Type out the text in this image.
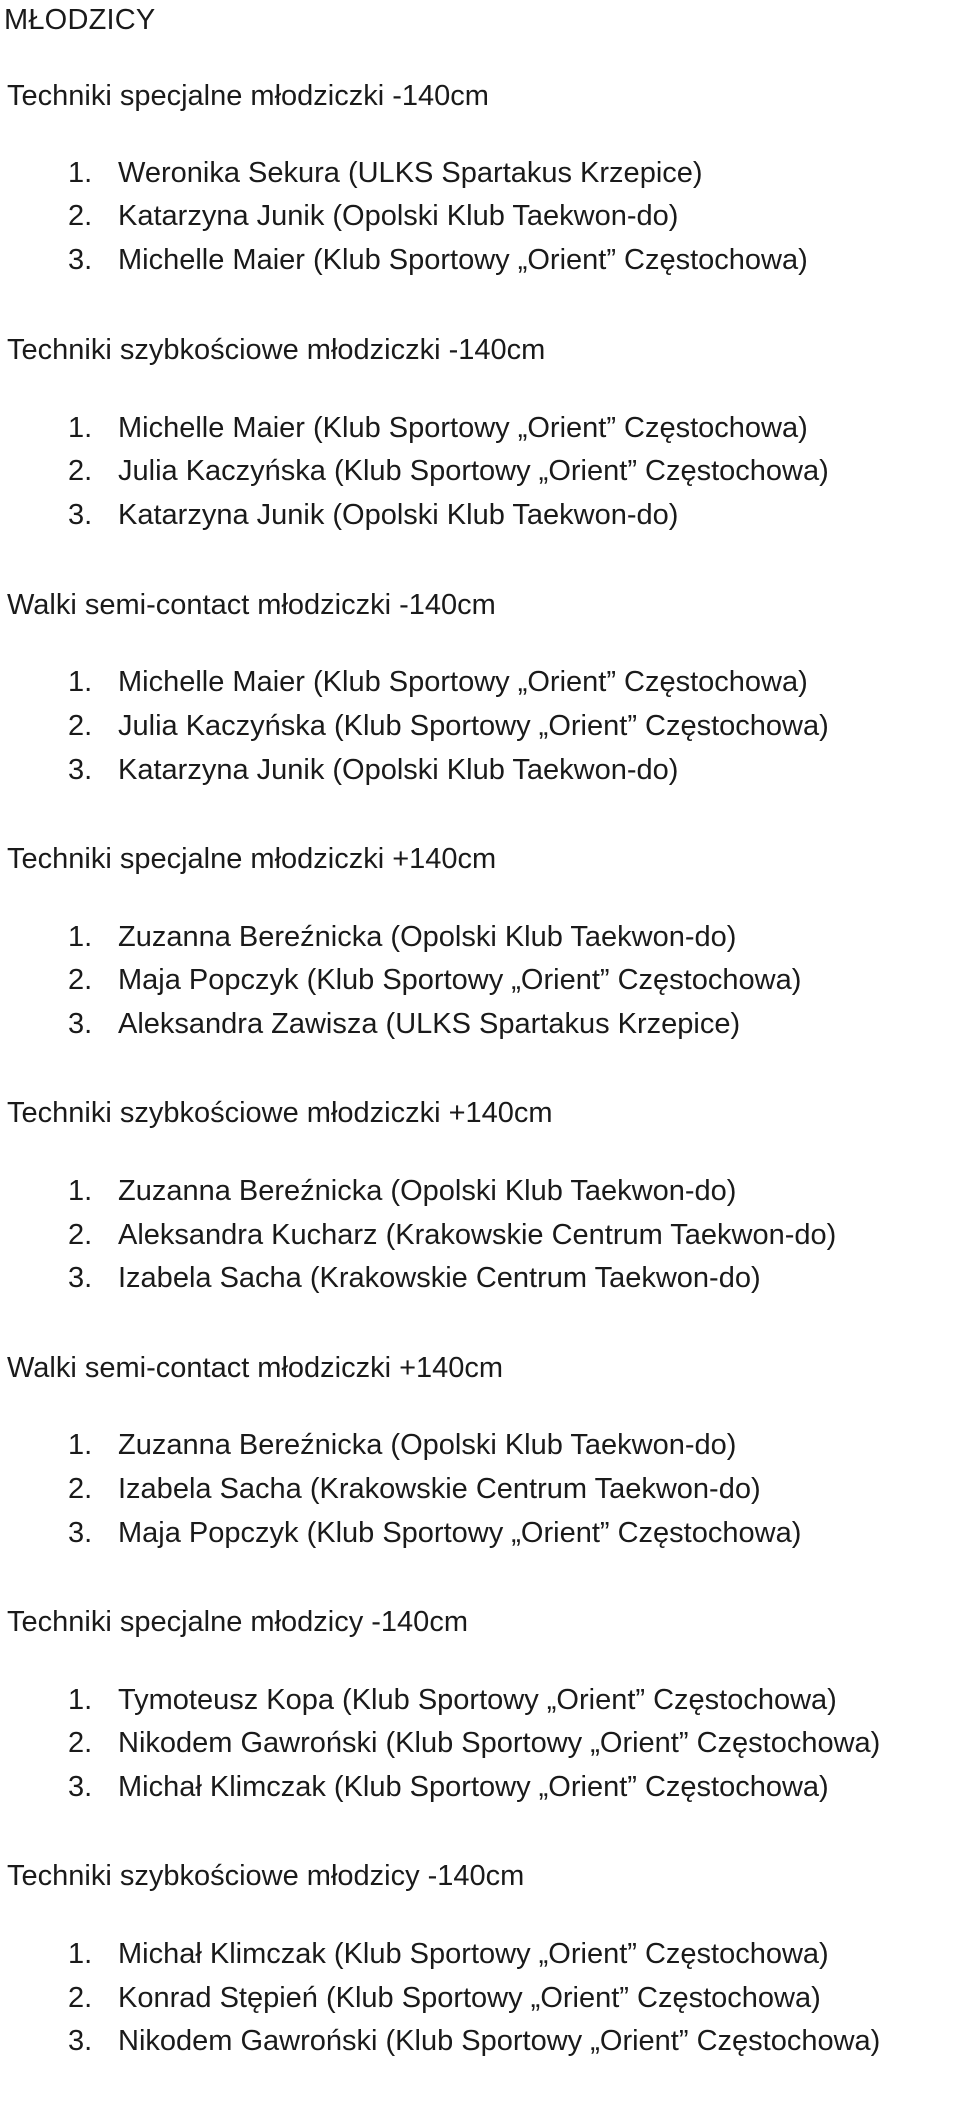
MŁODZICY
Techniki specjalne młodziczki -140cm
1. Weronika Sekura (ULKS Spartakus Krzepice)
2. Katarzyna Junik (Opolski Klub Taekwon-do)
3. Michelle Maier (Klub Sportowy „Orient” Częstochowa)
Techniki szybkościowe młodziczki -140cm
1. Michelle Maier (Klub Sportowy „Orient” Częstochowa)
2. Julia Kaczyńska (Klub Sportowy „Orient” Częstochowa)
3. Katarzyna Junik (Opolski Klub Taekwon-do)
Walki semi-contact młodziczki -140cm
1. Michelle Maier (Klub Sportowy „Orient” Częstochowa)
2. Julia Kaczyńska (Klub Sportowy „Orient” Częstochowa)
3. Katarzyna Junik (Opolski Klub Taekwon-do)
Techniki specjalne młodziczki +140cm
1. Zuzanna Bereźnicka (Opolski Klub Taekwon-do)
2. Maja Popczyk (Klub Sportowy „Orient” Częstochowa)
3. Aleksandra Zawisza (ULKS Spartakus Krzepice)
Techniki szybkościowe młodziczki +140cm
1. Zuzanna Bereźnicka (Opolski Klub Taekwon-do)
2. Aleksandra Kucharz (Krakowskie Centrum Taekwon-do)
3. Izabela Sacha (Krakowskie Centrum Taekwon-do)
Walki semi-contact młodziczki +140cm
1. Zuzanna Bereźnicka (Opolski Klub Taekwon-do)
2. Izabela Sacha (Krakowskie Centrum Taekwon-do)
3. Maja Popczyk (Klub Sportowy „Orient” Częstochowa)
Techniki specjalne młodzicy -140cm
1. Tymoteusz Kopa (Klub Sportowy „Orient” Częstochowa)
2. Nikodem Gawroński (Klub Sportowy „Orient” Częstochowa)
3. Michał Klimczak (Klub Sportowy „Orient” Częstochowa)
Techniki szybkościowe młodzicy -140cm
1. Michał Klimczak (Klub Sportowy „Orient” Częstochowa)
2. Konrad Stępień (Klub Sportowy „Orient” Częstochowa)
3. Nikodem Gawroński (Klub Sportowy „Orient” Częstochowa)
